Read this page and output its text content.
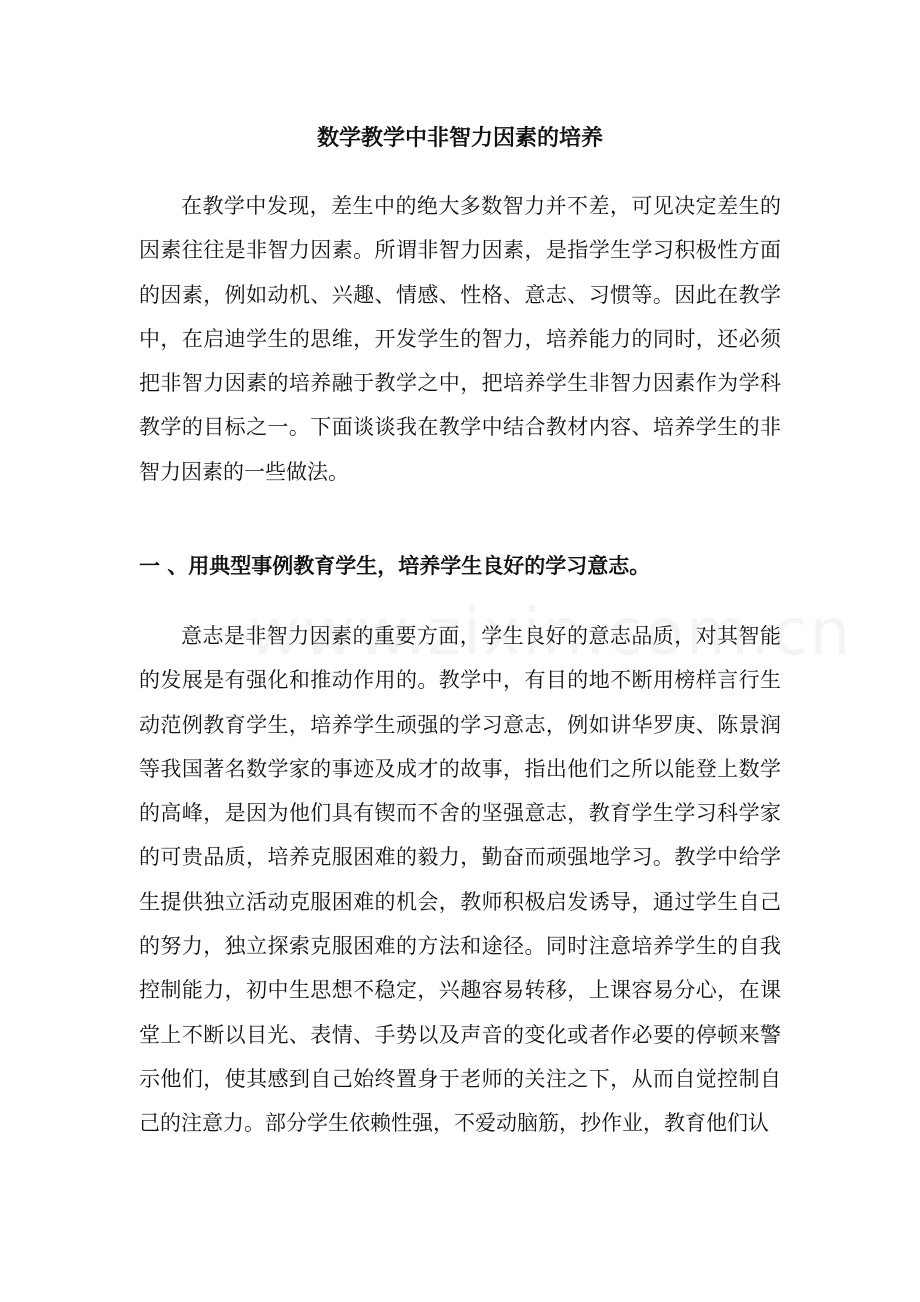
数学教学中非智力因素的培养

在教学中发现，差生中的绝大多数智力并不差，可见决定差生的因素往往是非智力因素。所谓非智力因素，是指学生学习积极性方面的因素，例如动机、兴趣、情感、性格、意志、习惯等。因此在教学中，在启迪学生的思维，开发学生的智力，培养能力的同时，还必须把非智力因素的培养融于教学之中，把培养学生非智力因素作为学科教学的目标之一。下面谈谈我在教学中结合教材内容、培养学生的非智力因素的一些做法。

一 、用典型事例教育学生，培养学生良好的学习意志。

意志是非智力因素的重要方面，学生良好的意志品质，对其智能的发展是有强化和推动作用的。教学中，有目的地不断用榜样言行生动范例教育学生，培养学生顽强的学习意志，例如讲华罗庚、陈景润等我国著名数学家的事迹及成才的故事，指出他们之所以能登上数学的高峰，是因为他们具有锲而不舍的坚强意志，教育学生学习科学家的可贵品质，培养克服困难的毅力，勤奋而顽强地学习。教学中给学生提供独立活动克服困难的机会，教师积极启发诱导，通过学生自己的努力，独立探索克服困难的方法和途径。同时注意培养学生的自我控制能力，初中生思想不稳定，兴趣容易转移，上课容易分心，在课堂上不断以目光、表情、手势以及声音的变化或者作必要的停顿来警示他们，使其感到自己始终置身于老师的关注之下，从而自觉控制自己的注意力。部分学生依赖性强，不爱动脑筋，抄作业，教育他们认
